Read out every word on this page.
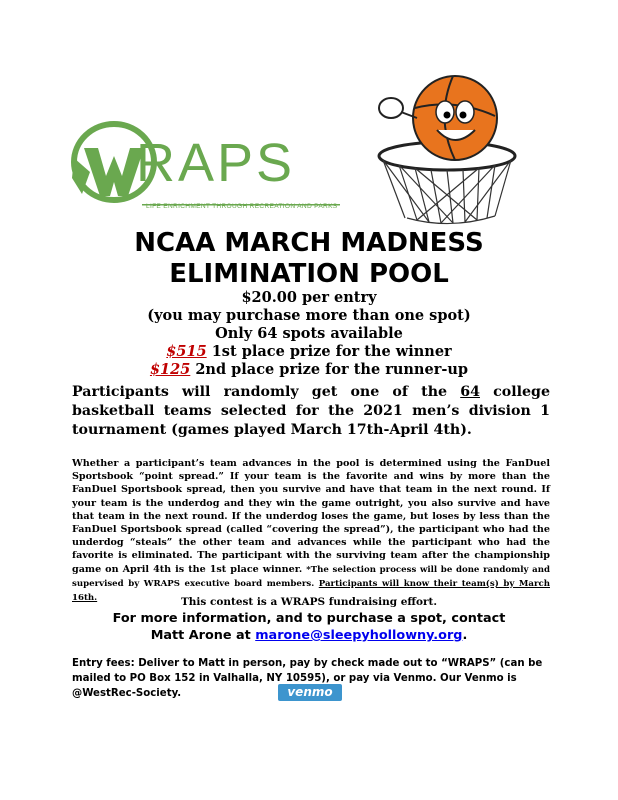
RAPS
LIFE ENRICHMENT THROUGH RECREATION AND PARKS
NCAA MARCH MADNESS
ELIMINATION POOL
$20.00 per entry
(you may purchase more than one spot)
Only 64 spots available
$515 1st place prize for the winner
$125 2nd place prize for the runner-up
Participants will randomly get one of the 64 college basketball teams selected for the 2021 men’s division 1 tournament (games played March 17th-April 4th).
Whether a participant’s team advances in the pool is determined using the FanDuel Sportsbook “point spread.” If your team is the favorite and wins by more than the FanDuel Sportsbook spread, then you survive and have that team in the next round. If your team is the underdog and they win the game outright, you also survive and have that team in the next round. If the underdog loses the game, but loses by less than the FanDuel Sportsbook spread (called “covering the spread”), the participant who had the underdog “steals” the other team and advances while the participant who had the favorite is eliminated. The participant with the surviving team after the championship game on April 4th is the 1st place winner. *The selection process will be done randomly and supervised by WRAPS executive board members. Participants will know their team(s) by March 16th.	This contest is a WRAPS fundraising effort.
For more information, and to purchase a spot, contact
Matt Arone at marone@sleepyhollowny.org.
Entry fees: Deliver to Matt in person, pay by check made out to “WRAPS” (can be mailed to PO Box 152 in Valhalla, NY 10595), or pay via Venmo. Our Venmo is @WestRec-Society.	venmo
